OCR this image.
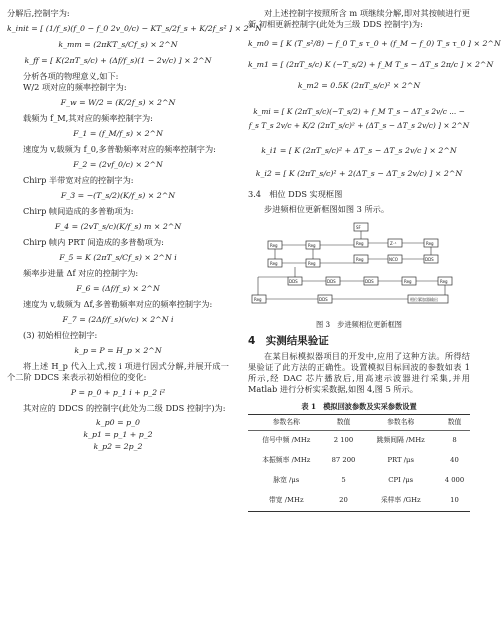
分解后,控制字为:

k_init = [ (1/f_s)(f_0 − f_0 2v_0/c) − KT_s/2f_s + K/2f_s² ] × 2^N
k_mm = (2πKT_s/Cf_s) × 2^N
k_ff = [ K(2πT_s/c) + (Δf/f_s)(1 − 2v/c) ] × 2^N

分析各项的物理意义,如下:

W/2 项对应的频率控制字为:

F_w = W/2 = (K/2f_s) × 2^N

载频为 f_M,其对应的频率控制字为:

F_1 = (f_M/f_s) × 2^N

速度为 v,载频为 f_0,多普勒频率对应的频率控制字为:

F_2 = (2vf_0/c) × 2^N

Chirp 半带宽对应的控制字为:

F_3 = −(T_s/2)(K/f_s) × 2^N

Chirp 帧间造成的多普勒项为:

F_4 = (2vT_s/c)(K/f_s) m × 2^N

Chirp 帧内 PRT 间造成的多普勒项为:

F_5 = K (2πT_s/Cf_s) × 2^N i

频率步进量 Δf 对应的控制字为:

F_6 = (Δf/f_s) × 2^N

速度为 v,载频为 Δf,多普勒频率对应的频率控制字为:

F_7 = (2Δf/f_s)(v/c) × 2^N i

(3) 初始相位控制字:

k_p = P = H_p × 2^N

将上述 H_p 代入上式,按 i 项进行因式分解,并展开成一个二阶 DDCS 来表示初始相位的变化:

P = p_0 + p_1 i + p_2 i²

其对应的 DDCS 的控制字(此处为二级 DDS 控制字)为:

k_p0 = p_0
k_p1 = p_1 + p_2
k_p2 = 2p_2

对上述控制字按照所含 m 项继续分解,即对其按帧进行更新,初相更新控制字(此处为三级 DDS 控制字)为:

k_m0 = [ K (T_s²/8) − f_0 T_s τ_0 + (f_M − f_0) T_s τ_0 ] × 2^N
k_m1 = [ (2πT_s/c) K (−T_s/2) + f_M T_s − ΔT_s 2π/c ] × 2^N
k_m2 = 0.5K (2πT_s/c)² × 2^N
k_mi = [ K (2πT_s/c)(−T_s/2) + f_M T_s − ΔT_s 2v/c ... − f_s T_s 2v/c + K/2 (2πT_s/c)² + (ΔT_s − ΔT_s 2v/c) ] × 2^N
k_i1 = [ K (2πT_s/c)² + ΔT_s − ΔT_s 2v/c ] × 2^N
k_i2 = [ K (2πT_s/c)² + 2(ΔT_s − ΔT_s 2v/c) ] × 2^N

3.4　相位 DDS 实现框图

步进频相位更新框图如图 3 所示。

SF
Reg	Reg	Reg	Z⁻¹	Reg
Reg	Reg
Reg	NCO	DDS
DDS	DDS	DDS	Reg	Reg
Reg	DDS	相位累加器输出

图 3　步进频相位更新框图

4　实测结果验证

在某目标模拟器项目的开发中,应用了这种方法。所得结果验证了此方法的正确性。设置模拟目标回波的参数如表 1 所示,经 DAC 芯片播放后,用高速示波器进行采集,并用 Matlab 进行分析实采数据,如图 4,图 5 所示。

表 1　模拟回波参数及实采参数设置

参数名称	数值	参数名称	数值
信号中频 /MHz	2 100	跳频间隔 /MHz	8
本振频率 /MHz	87 200	PRT /μs	40
脉宽 /μs	5	CPI /μs	4 000
带宽 /MHz	20	采样率 /GHz	10
